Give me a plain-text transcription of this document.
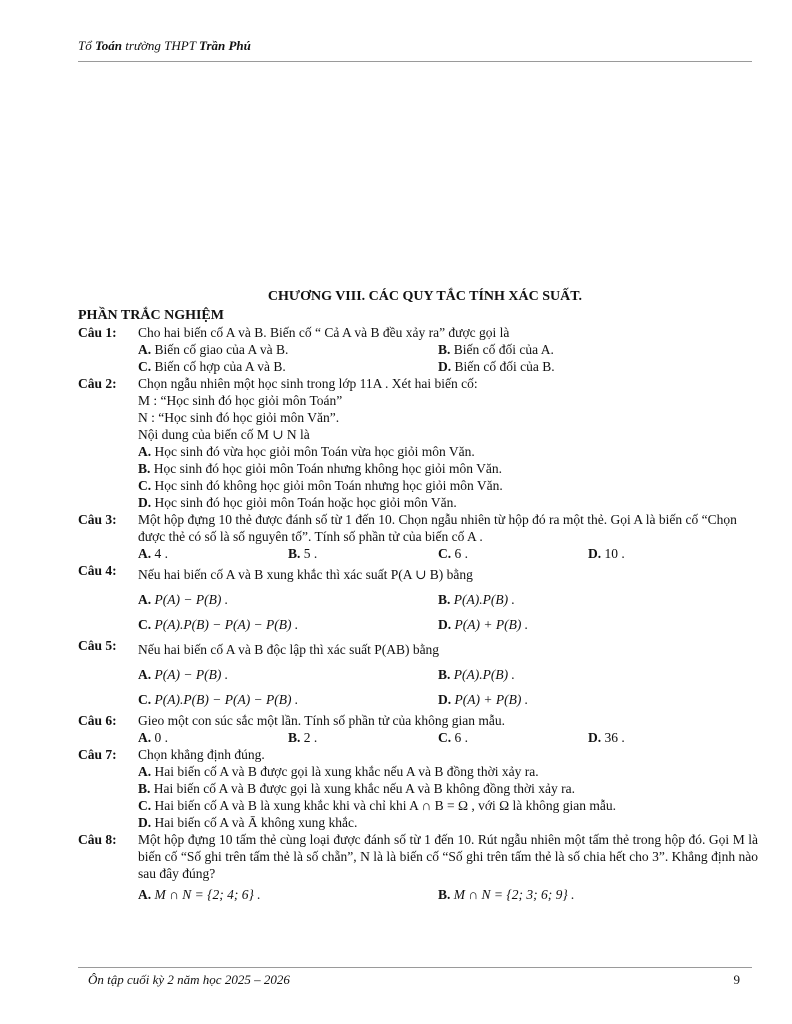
Tổ Toán trường THPT Trần Phú
CHƯƠNG VIII. CÁC QUY TẮC TÍNH XÁC SUẤT.
PHẦN TRẮC NGHIỆM
Câu 1:	Cho hai biến cố A và B. Biến cố “ Cả A và B đều xảy ra” được gọi là
A. Biến cố giao của A và B.	B. Biến cố đối của A.
C. Biến cố hợp của A và B.	D. Biến cố đối của B.
Câu 2:	Chọn ngẫu nhiên một học sinh trong lớp 11A . Xét hai biến cố:
M : “Học sinh đó học giỏi môn Toán”
N : “Học sinh đó học giỏi môn Văn”.
Nội dung của biến cố M ∪ N là
A. Học sinh đó vừa học giỏi môn Toán vừa học giỏi môn Văn.
B. Học sinh đó học giỏi môn Toán nhưng không học giỏi môn Văn.
C. Học sinh đó không học giỏi môn Toán nhưng học giỏi môn Văn.
D. Học sinh đó học giỏi môn Toán hoặc học giỏi môn Văn.
Câu 3:	Một hộp đựng 10 thẻ được đánh số từ 1 đến 10. Chọn ngẫu nhiên từ hộp đó ra một thẻ. Gọi A là biến cố “Chọn được thẻ có số là số nguyên tố”. Tính số phần tử của biến cố A .
A. 4 .	B. 5 .	C. 6 .	D. 10 .
Câu 4:	Nếu hai biến cố A và B xung khắc thì xác suất P(A ∪ B) bằng
A. P(A) − P(B) .	B. P(A).P(B) .
C. P(A).P(B) − P(A) − P(B) .	D. P(A) + P(B) .
Câu 5:	Nếu hai biến cố A và B độc lập thì xác suất P(AB) bằng
A. P(A) − P(B) .	B. P(A).P(B) .
C. P(A).P(B) − P(A) − P(B) .	D. P(A) + P(B) .
Câu 6:	Gieo một con súc sắc một lần. Tính số phần tử của không gian mẫu.
A. 0 .	B. 2 .	C. 6 .	D. 36 .
Câu 7:	Chọn khẳng định đúng.
A. Hai biến cố A và B được gọi là xung khắc nếu A và B đồng thời xảy ra.
B. Hai biến cố A và B được gọi là xung khắc nếu A và B không đồng thời xảy ra.
C. Hai biến cố A và B là xung khắc khi và chỉ khi A ∩ B = Ω , với Ω là không gian mẫu.
D. Hai biến cố A và Ā không xung khắc.
Câu 8:	Một hộp đựng 10 tấm thẻ cùng loại được đánh số từ 1 đến 10. Rút ngẫu nhiên một tấm thẻ trong hộp đó. Gọi M là biến cố “Số ghi trên tấm thẻ là số chẵn”, N là là biến cố “Số ghi trên tấm thẻ là số chia hết cho 3”. Khẳng định nào sau đây đúng?
A. M ∩ N = {2; 4; 6} .	B. M ∩ N = {2; 3; 6; 9} .
Ôn tập cuối kỳ 2 năm học 2025 – 2026	9
